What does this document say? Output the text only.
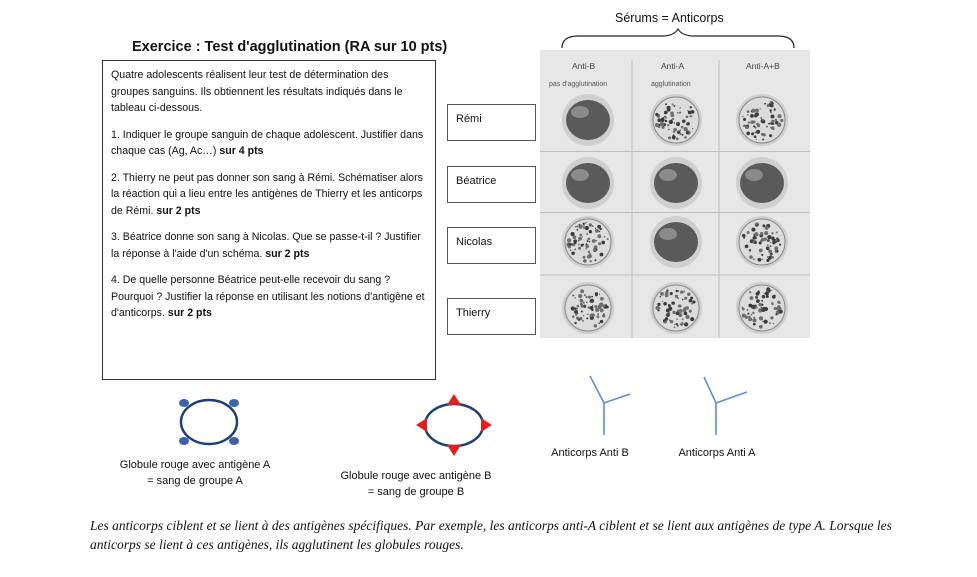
Exercice : Test d'agglutination (RA sur 10 pts)
Sérums = Anticorps

Quatre adolescents réalisent leur test de détermination des groupes sanguins. Ils obtiennent les résultats indiqués dans le tableau ci-dessous.

1. Indiquer le groupe sanguin de chaque adolescent. Justifier dans chaque cas (Ag, Ac…) sur 4 pts

2. Thierry ne peut pas donner son sang à Rémi. Schématiser alors la réaction qui a lieu entre les antigènes de Thierry et les anticorps de Rémi. sur 2 pts

3. Béatrice donne son sang à Nicolas. Que se passe-t-il ? Justifier la réponse à l'aide d'un schéma. sur 2 pts

4. De quelle personne Béatrice peut-elle recevoir du sang ? Pourquoi ? Justifier la réponse en utilisant les notions d'antigène et d'anticorps. sur 2 pts

Rémi
Béatrice
Nicolas
Thierry
Anti-B	Anti-A	Anti-A+B
pas d'agglutination	agglutination
Globule rouge avec antigène A
= sang de groupe A	Globule rouge avec antigène B
= sang de groupe B
Anticorps Anti B	Anticorps Anti A
Les anticorps ciblent et se lient à des antigènes spécifiques. Par exemple, les anticorps anti-A ciblent et se lient aux antigènes de type A. Lorsque les anticorps se lient à ces antigènes, ils agglutinent les globules rouges.
